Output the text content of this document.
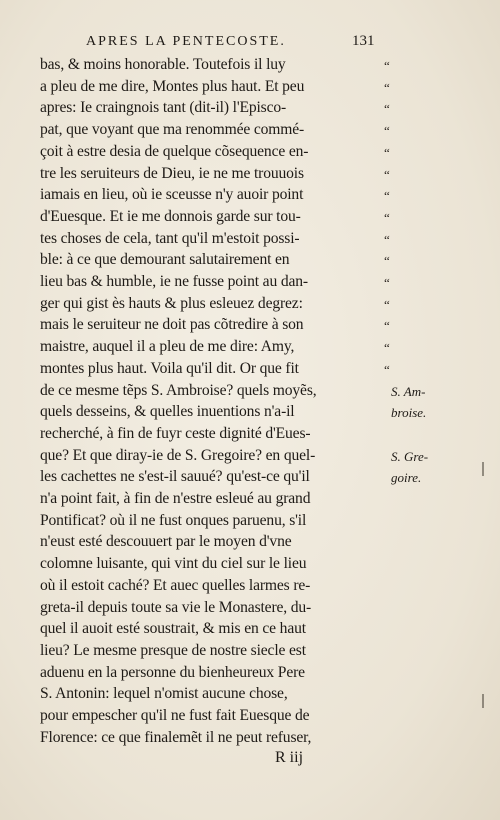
APRES LA PENTECOSTE.	131
bas, & moins honorable. Toutefois il luy
a pleu de me dire, Montes plus haut. Et peu
apres: Ie craingnois tant (dit-il) l'Episco-
pat, que voyant que ma renommée commé-
çoit à estre desia de quelque cõsequence en-
tre les seruiteurs de Dieu, ie ne me trouuois
iamais en lieu, où ie sceusse n'y auoir point
d'Euesque. Et ie me donnois garde sur tou-
tes choses de cela, tant qu'il m'estoit possi-
ble: à ce que demourant salutairement en
lieu bas & humble, ie ne fusse point au dan-
ger qui gist ès hauts & plus esleuez degrez:
mais le seruiteur ne doit pas cõtredire à son
maistre, auquel il a pleu de me dire: Amy,
montes plus haut. Voila qu'il dit. Or que fit
de ce mesme tẽps S. Ambroise? quels moyẽs,
quels desseins, & quelles inuentions n'a-il
recherché, à fin de fuyr ceste dignité d'Eues-
que? Et que diray-ie de S. Gregoire? en quel-
les cachettes ne s'est-il sauué? qu'est-ce qu'il
n'a point fait, à fin de n'estre esleué au grand
Pontificat? où il ne fust onques paruenu, s'il
n'eust esté descouuert par le moyen d'vne
colomne luisante, qui vint du ciel sur le lieu
où il estoit caché? Et auec quelles larmes re-
greta-il depuis toute sa vie le Monastere, du-
quel il auoit esté soustrait, & mis en ce haut
lieu? Le mesme presque de nostre siecle est
aduenu en la personne du bienheureux Pere
S. Antonin: lequel n'omist aucune chose,
pour empescher qu'il ne fust fait Euesque de
Florence: ce que finalemẽt il ne peut refuser,
“
“
“
“
“
“
“
“
“
“
“
“
“
“
“
S. Am-
broise.
S. Gre-
goire.
R iij
